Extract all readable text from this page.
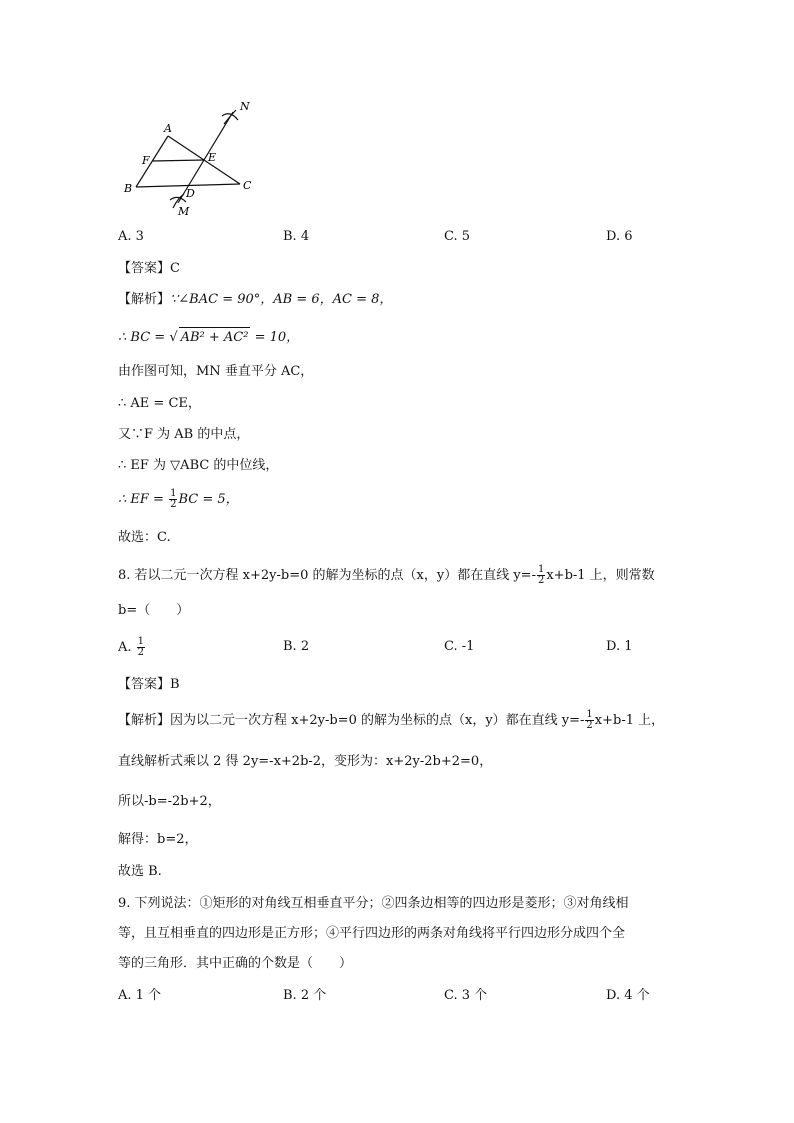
A
B	C
D
E
F
M
N
A. 3	B. 4	C. 5	D. 6
【答案】C
【解析】∵∠BAC = 90°，AB = 6，AC = 8，
∴ BC = √ AB² + AC² = 10，
由作图可知，MN 垂直平分 AC，
∴ AE = CE，
又∵F 为 AB 的中点，
∴ EF 为 ▽ABC 的中位线，
∴ EF = $\frac{1}{2}$ BC = 5，
故选：C.
8. 若以二元一次方程 x+2y-b=0 的解为坐标的点（x，y）都在直线 $y=- \frac{1}{2} x+b-1$ 上，则常数
b=（　　）
A. $\frac{1}{2}$	B. 2	C. -1	D. 1
【答案】B
【解析】因为以二元一次方程 x+2y-b=0 的解为坐标的点（x，y）都在直线 $y=- \frac{1}{2} x+b-1$ 上，
直线解析式乘以 2 得 2y=-x+2b-2，变形为：x+2y-2b+2=0，
所以-b=-2b+2，
解得：b=2，
故选 B.
9. 下列说法：①矩形的对角线互相垂直平分；②四条边相等的四边形是菱形；③对角线相
等，且互相垂直的四边形是正方形；④平行四边形的两条对角线将平行四边形分成四个全
等的三角形．其中正确的个数是（　　）
A. 1 个	B. 2 个	C. 3 个	D. 4 个
